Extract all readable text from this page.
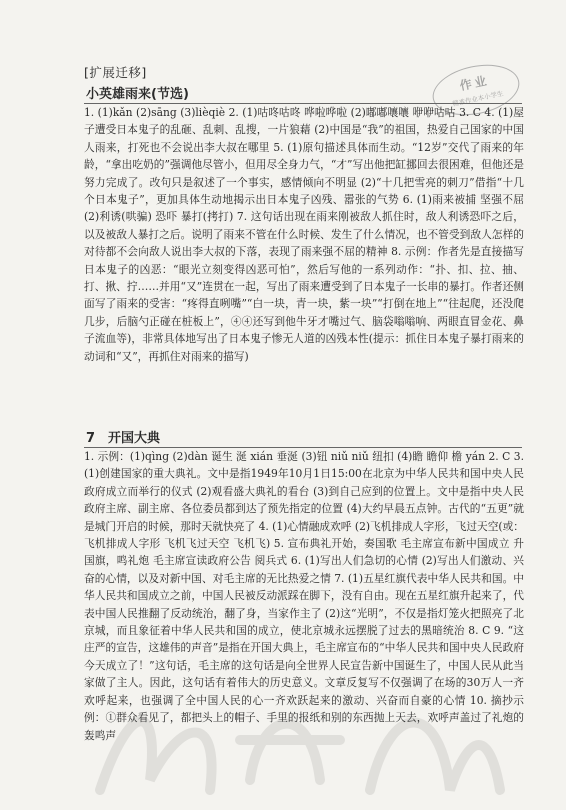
作业
精准作业本小学生
[扩展迁移]
小英雄雨来(节选)

1. (1)kǎn (2)sāng (3)lièqiè 2. (1)咕咚咕咚 哗啦哗啦 (2)嘟嘟嚷嚷 咿咿咕咕 3. C 4. (1)屋子遭受日本鬼子的乱砸、乱刺、乱搜，一片狼藉 (2)中国是“我”的祖国，热爱自己国家的中国人雨来，打死也不会说出李大叔在哪里 5. (1)原句描述具体而生动。“12岁”交代了雨来的年龄，“拿出吃奶的”强调他尽管小，但用尽全身力气，“才”写出他把缸挪回去很困难，但他还是努力完成了。改句只是叙述了一个事实，感情倾向不明显 (2)“十几把雪亮的刺刀”借指“十几个日本鬼子”，更加具体生动地揭示出日本鬼子凶残、嚣张的气势 6. (1)雨来被捕 坚强不屈 (2)利诱(哄骗) 恐吓 暴打(拷打) 7. 这句话出现在雨来刚被敌人抓住时，敌人利诱恐吓之后，以及被敌人暴打之后。说明了雨来不管在什么时候、发生了什么情况，也不管受到敌人怎样的对待都不会向敌人说出李大叔的下落，表现了雨来强不屈的精神 8. 示例：作者先是直接描写日本鬼子的凶恶：“眼光立刻变得凶恶可怕”，然后写他的一系列动作：“扑、扣、拉、抽、打、揪、拧……并用“又”连贯在一起，写出了雨来遭受到了日本鬼子一长串的暴打。作者还侧面写了雨来的受害：“疼得直咧嘴”“白一块，青一块，紫一块”“打倒在地上”“往起爬，还没爬几步，后脑勺正碰在桩板上”，④④还写到他牛牙才嘴过气、脑袋嗡嗡响、两眼直冒金花、鼻子流血等)，非常具体地写出了日本鬼子惨无人道的凶残本性(提示：抓住日本鬼子暴打雨来的动词和“又”，再抓住对雨来的描写)

7 开国大典

1. 示例：(1)qìng (2)dàn 诞生 涎 xián 垂涎 (3)钮 niǔ niǔ 纽扣 (4)瞻 瞻仰 檐 yán 2. C 3. (1)创建国家的重大典礼。文中是指1949年10月1日15:00在北京为中华人民共和国中央人民政府成立而举行的仪式 (2)观看盛大典礼的看台 (3)到自己应到的位置上。文中是指中央人民政府主席、副主席、各位委员都到达了预先指定的位置 (4)大约早晨五点钟。古代的“五更”就是城门开启的时候，那时天就快亮了 4. (1)心情融成欢呼 (2)飞机排成人字形，飞过天空(或：飞机排成人字形 飞机飞过天空 飞机飞) 5. 宣布典礼开始，奏国歌 毛主席宣布新中国成立 升国旗，鸣礼炮 毛主席宣读政府公告 阅兵式 6. (1)写出人们急切的心情 (2)写出人们激动、兴奋的心情，以及对新中国、对毛主席的无比热爱之情 7. (1)五星红旗代表中华人民共和国。中华人民共和国成立之前，中国人民被反动派踩在脚下，没有自由。现在五星红旗升起来了，代表中国人民推翻了反动统治，翻了身，当家作主了 (2)这“光明”，不仅是指灯笼火把照亮了北京城，而且象征着中华人民共和国的成立，使北京城永远摆脱了过去的黑暗统治 8. C 9. “这庄严的宣告，这雄伟的声音”是指在开国大典上，毛主席宣布的“中华人民共和国中央人民政府今天成立了！”这句话，毛主席的这句话是向全世界人民宣告新中国诞生了，中国人民从此当家做了主人。因此，这句话有着伟大的历史意义。文章反复写不仅强调了在场的30万人一齐欢呼起来，也强调了全中国人民的心一齐欢跃起来的激动、兴奋而自豪的心情 10. 摘抄示例：①群众看见了，都把头上的帽子、手里的报纸和别的东西抛上天去，欢呼声盖过了礼炮的轰鸣声
